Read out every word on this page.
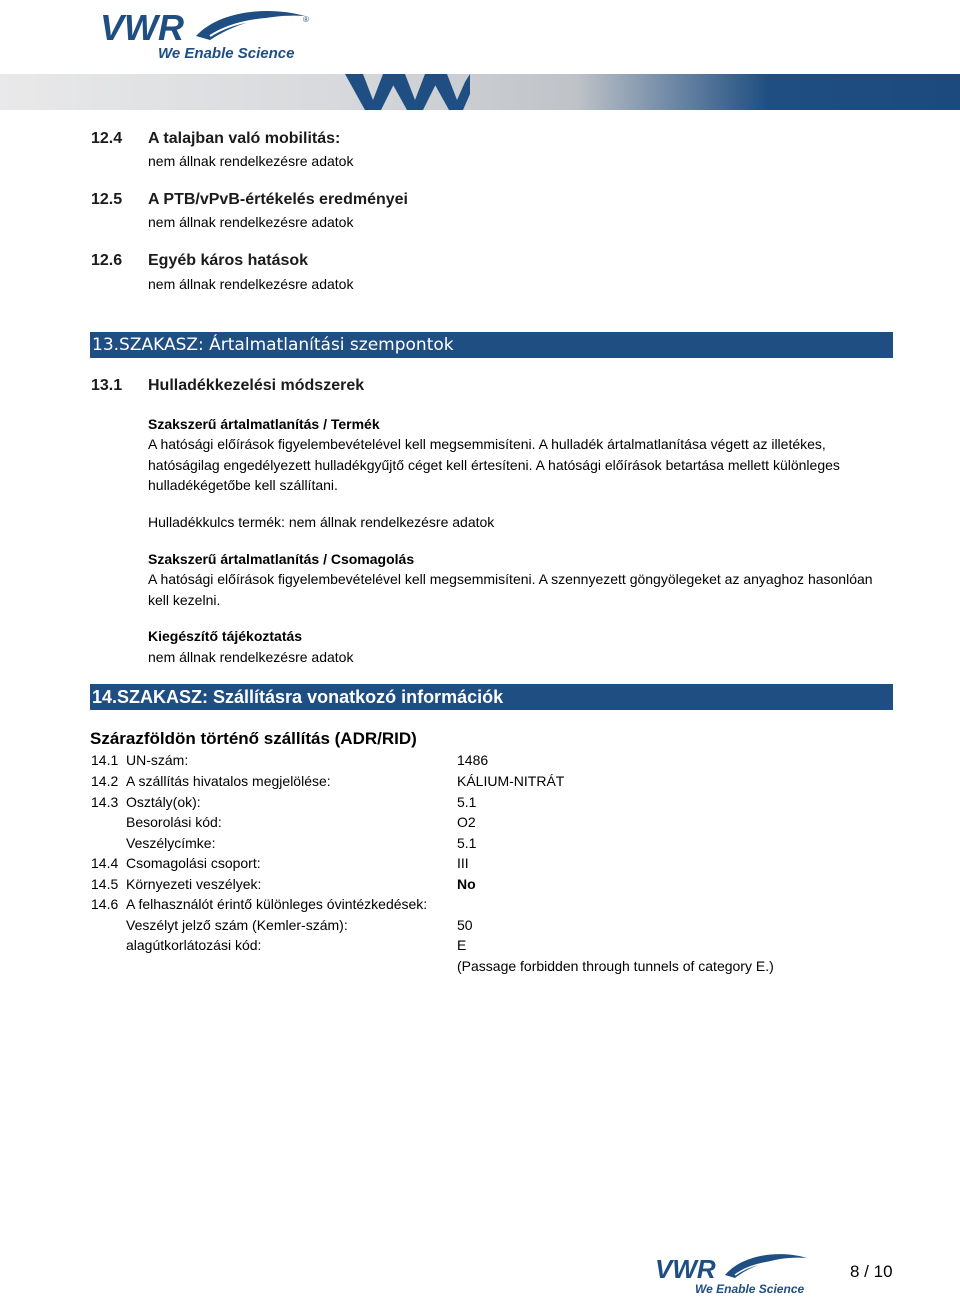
VWR	®
We Enable Science
12.4 A talajban való mobilitás:
nem állnak rendelkezésre adatok
12.5 A PTB/vPvB-értékelés eredményei
nem állnak rendelkezésre adatok
12.6 Egyéb káros hatások
nem állnak rendelkezésre adatok
13.SZAKASZ: Ártalmatlanítási szempontok
13.1 Hulladékkezelési módszerek
Szakszerű ártalmatlanítás / Termék
A hatósági előírások figyelembevételével kell megsemmisíteni. A hulladék ártalmatlanítása végett az illetékes, hatóságilag engedélyezett hulladékgyűjtő céget kell értesíteni. A hatósági előírások betartása mellett különleges hulladékégetőbe kell szállítani.
Hulladékkulcs termék: nem állnak rendelkezésre adatok
Szakszerű ártalmatlanítás / Csomagolás
A hatósági előírások figyelembevételével kell megsemmisíteni. A szennyezett göngyölegeket az anyaghoz hasonlóan kell kezelni.
Kiegészítő tájékoztatás
nem állnak rendelkezésre adatok
14.SZAKASZ: Szállításra vonatkozó információk
Szárazföldön történő szállítás (ADR/RID)
14.1 UN-szám:	1486
14.2 A szállítás hivatalos megjelölése:	KÁLIUM-NITRÁT
14.3 Osztály(ok):	5.1
Besorolási kód:	O2
Veszélycímke:	5.1
14.4 Csomagolási csoport:	III
14.5 Környezeti veszélyek:	No
14.6 A felhasználót érintő különleges óvintézkedések:
Veszélyt jelző szám (Kemler-szám):	50
alagútkorlátozási kód:	E
(Passage forbidden through tunnels of category E.)
VWR
We Enable Science
8 / 10
